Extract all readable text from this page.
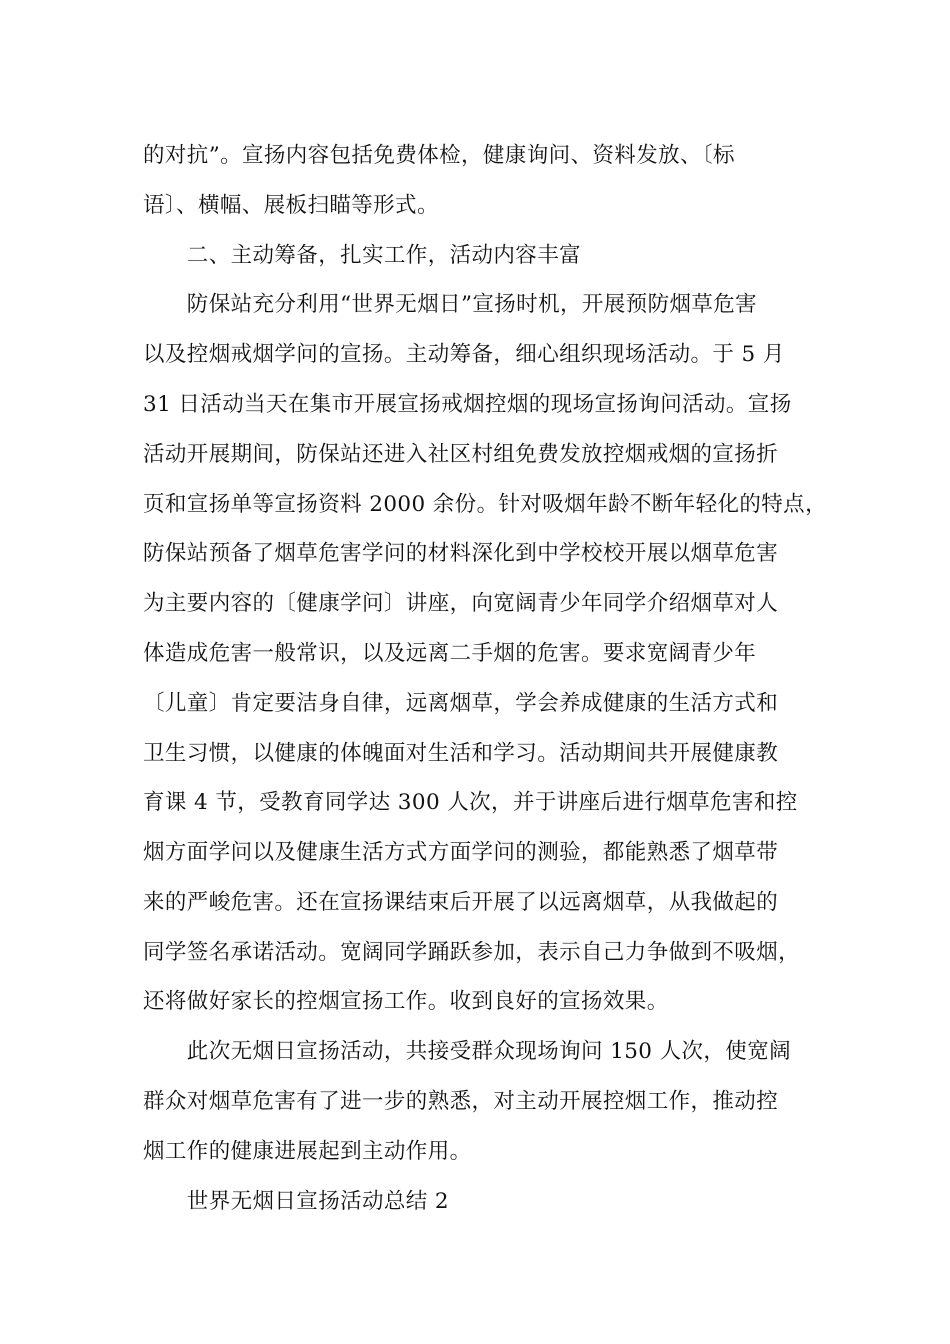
的对抗”。宣扬内容包括免费体检，健康询问、资料发放、〔标
语〕、横幅、展板扫瞄等形式。
　　二、主动筹备，扎实工作，活动内容丰富
　　防保站充分利用“世界无烟日”宣扬时机，开展预防烟草危害
以及控烟戒烟学问的宣扬。主动筹备，细心组织现场活动。于 5 月
31 日活动当天在集市开展宣扬戒烟控烟的现场宣扬询问活动。宣扬
活动开展期间，防保站还进入社区村组免费发放控烟戒烟的宣扬折
页和宣扬单等宣扬资料 2000 余份。针对吸烟年龄不断年轻化的特点，
防保站预备了烟草危害学问的材料深化到中学校校开展以烟草危害
为主要内容的〔健康学问〕讲座，向宽阔青少年同学介绍烟草对人
体造成危害一般常识，以及远离二手烟的危害。要求宽阔青少年
〔儿童〕肯定要洁身自律，远离烟草，学会养成健康的生活方式和
卫生习惯，以健康的体魄面对生活和学习。活动期间共开展健康教
育课 4 节，受教育同学达 300 人次，并于讲座后进行烟草危害和控
烟方面学问以及健康生活方式方面学问的测验，都能熟悉了烟草带
来的严峻危害。还在宣扬课结束后开展了以远离烟草，从我做起的
同学签名承诺活动。宽阔同学踊跃参加，表示自己力争做到不吸烟，
还将做好家长的控烟宣扬工作。收到良好的宣扬效果。
　　此次无烟日宣扬活动，共接受群众现场询问 150 人次，使宽阔
群众对烟草危害有了进一步的熟悉，对主动开展控烟工作，推动控
烟工作的健康进展起到主动作用。
　　世界无烟日宣扬活动总结 2
